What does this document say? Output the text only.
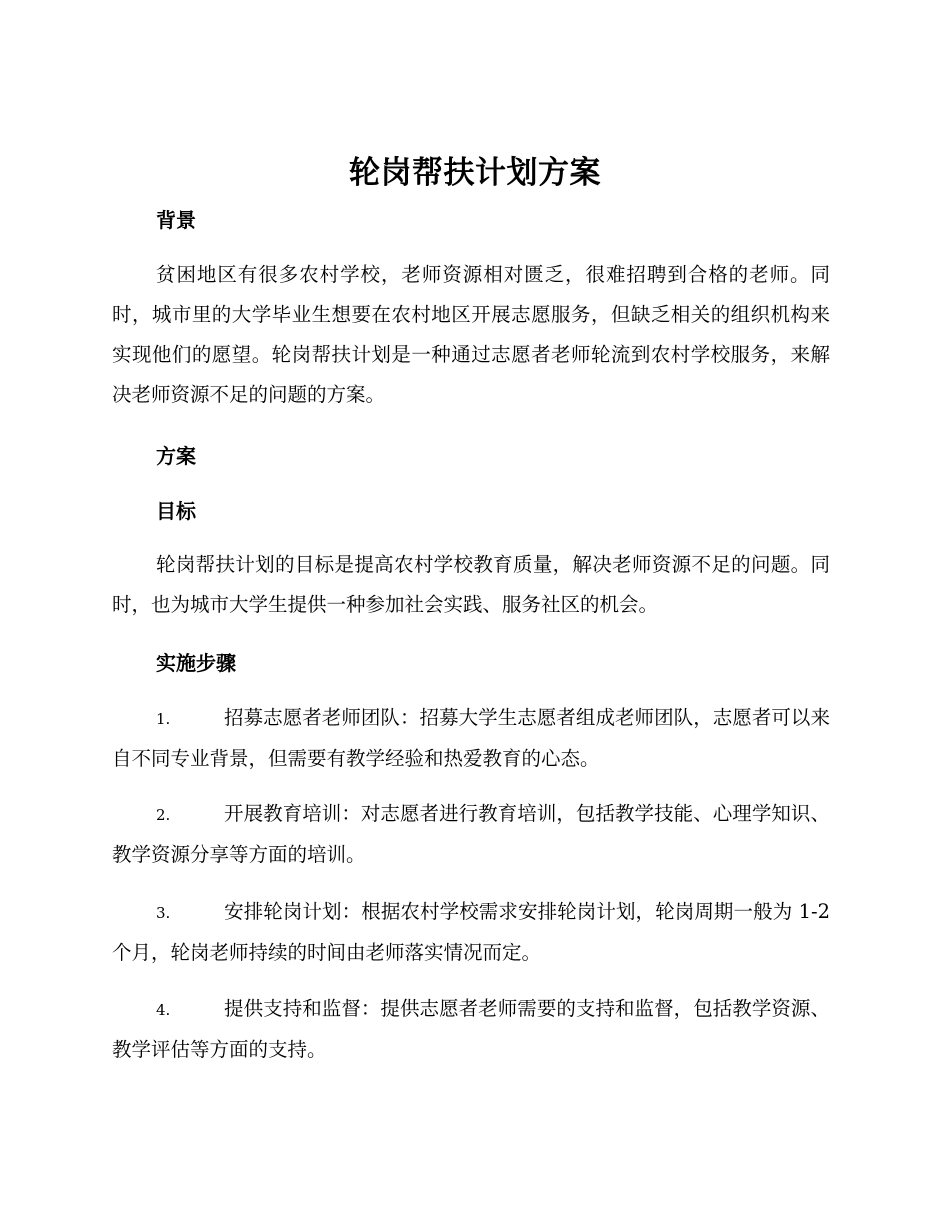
轮岗帮扶计划方案
背景

贫困地区有很多农村学校，老师资源相对匮乏，很难招聘到合格的老师。同时，城市里的大学毕业生想要在农村地区开展志愿服务，但缺乏相关的组织机构来实现他们的愿望。轮岗帮扶计划是一种通过志愿者老师轮流到农村学校服务，来解决老师资源不足的问题的方案。

方案
目标

轮岗帮扶计划的目标是提高农村学校教育质量，解决老师资源不足的问题。同时，也为城市大学生提供一种参加社会实践、服务社区的机会。

实施步骤

1.	招募志愿者老师团队：招募大学生志愿者组成老师团队，志愿者可以来自不同专业背景，但需要有教学经验和热爱教育的心态。

2.	开展教育培训：对志愿者进行教育培训，包括教学技能、心理学知识、教学资源分享等方面的培训。

3.	安排轮岗计划：根据农村学校需求安排轮岗计划，轮岗周期一般为 1-2 个月，轮岗老师持续的时间由老师落实情况而定。

4.	提供支持和监督：提供志愿者老师需要的支持和监督，包括教学资源、教学评估等方面的支持。
